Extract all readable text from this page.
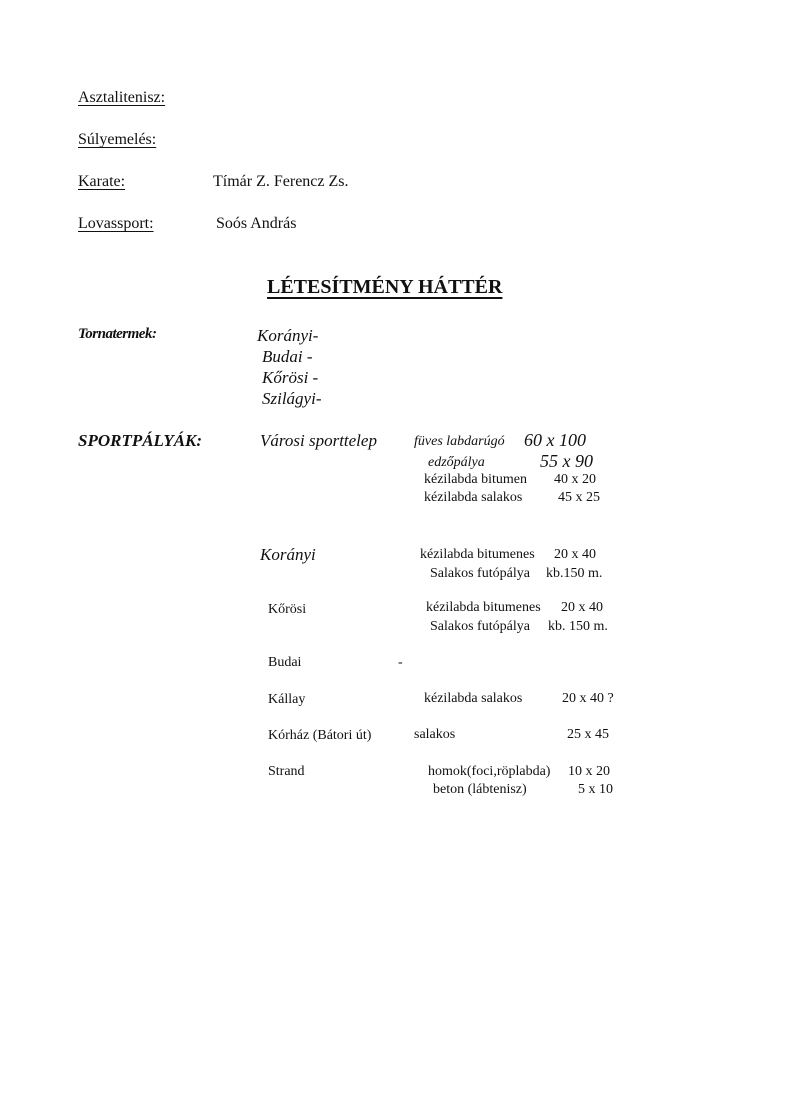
Asztalitenisz:
Súlyemelés:
Karate:	Tímár Z. Ferencz Zs.
Lovassport:	Soós András
LÉTESÍTMÉNY HÁTTÉR
Tornatermek:	Korányi-
Budai -
Kőrösi -
Szilágyi-
SPORTPÁLYÁK:	Városi sporttelep	füves labdarúgó 60 x 100
edzőpálya	55 x 90
kézilabda bitumen 40 x 20
kézilabda salakos	45 x 25
Korányi	kézilabda bitumenes 20 x 40
Salakos futópálya kb.150 m.
Kőrösi	kézilabda bitumenes 20 x 40
Salakos futópálya kb. 150 m.
Budai	-
Kállay	kézilabda salakos	20 x 40 ?
Kórház (Bátori út)	salakos	25 x 45
Strand	homok(foci,röplabda) 10 x 20
beton (lábtenisz)	5 x 10
